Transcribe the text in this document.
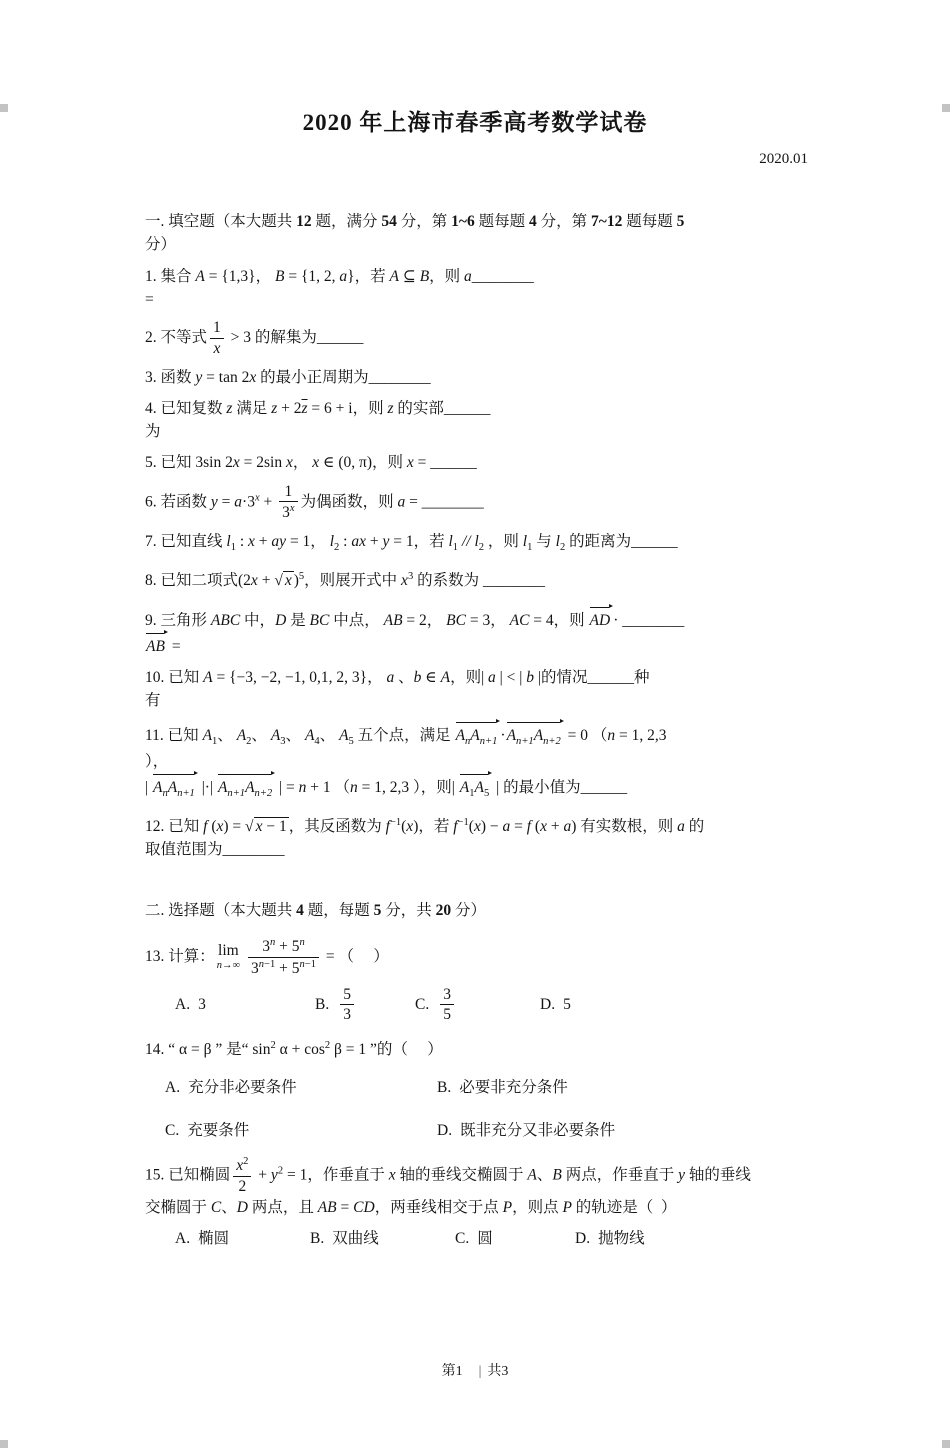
2020 年上海市春季高考数学试卷
2020.01
一. 填空题（本大题共 12 题，满分 54 分，第 1~6 题每题 4 分，第 7~12 题每题 5
分）
1. 集合 A = {1,3}， B = {1, 2, a}，若 A ⊆ B，则 a________
=
2. 不等式 $\frac{1}{x} > 3$ 的解集为______
3. 函数 y = tan 2x 的最小正周期为________
4. 已知复数 z 满足 $z + 2\overline{z} = 6 + i$，则 z 的实部______
为
5. 已知 3sin 2x = 2sin x， x ∈ (0, π)，则 x = ______
6. 若函数 $y = a\cdot 3^x + \frac{1}{3^x}$ 为偶函数，则 a = ________
7. 已知直线 $l_1$ : x + ay = 1， $l_2$ : ax + y = 1，若 $l_1 // l_2$ ，则 $l_1$ 与 $l_2$ 的距离为______
8. 已知二项式(2x + √ x )$^5$，则展开式中 $x^3$ 的系数为 ________
9. 三角形 ABC 中，D 是 BC 中点， AB = 2， BC = 3， AC = 4，则 AD · ________
AB =
10. 已知 A = {−3, −2, −1, 0,1, 2, 3}， a 、b ∈ A，则| a | < | b |的情况______种
有
11. 已知 $A_1$、 $A_2$、 $A_3$、 $A_4$、 $A_5$ 五个点，满足 $A_nA_{n+1} \cdot A_{n+1}A_{n+2} = 0$ （n = 1, 2,3
），
| $A_nA_{n+1}$ |·| $A_{n+1}A_{n+2}$ | = n + 1 （n = 1, 2,3 ），则| $A_1A_5$ | 的最小值为______
12. 已知 f (x) = √ x − 1 ，其反函数为 $f^{-1}(x)$，若 $f^{-1}(x) - a = f$ (x + a) 有实数根，则 a 的
取值范围为________
二. 选择题（本大题共 4 题，每题 5 分，共 20 分）
13. 计算： lim
$n\to\infty \frac{3^n + 5^n}{3^{n-1} + 5^{n-1}}$ = （     ）
A. 3	B. $\frac{5}{3}$	C. $\frac{3}{5}$	D. 5
14. “ α = β ” 是“ $\sin^2 \alpha + \cos^2 \beta = 1$ ”的（     ）
A. 充分非必要条件	B. 必要非充分条件
C. 充要条件	D. 既非充分又非必要条件
15. 已知椭圆 $\frac{x^2}{2} + y^2 = 1$，作垂直于 x 轴的垂线交椭圆于 A、B 两点，作垂直于 y 轴的垂线
交椭圆于 C、D 两点，且 AB = CD，两垂线相交于点 P，则点 P 的轨迹是（  ）
A. 椭圆	B. 双曲线	C. 圆	D. 抛物线
第1 | 共3
